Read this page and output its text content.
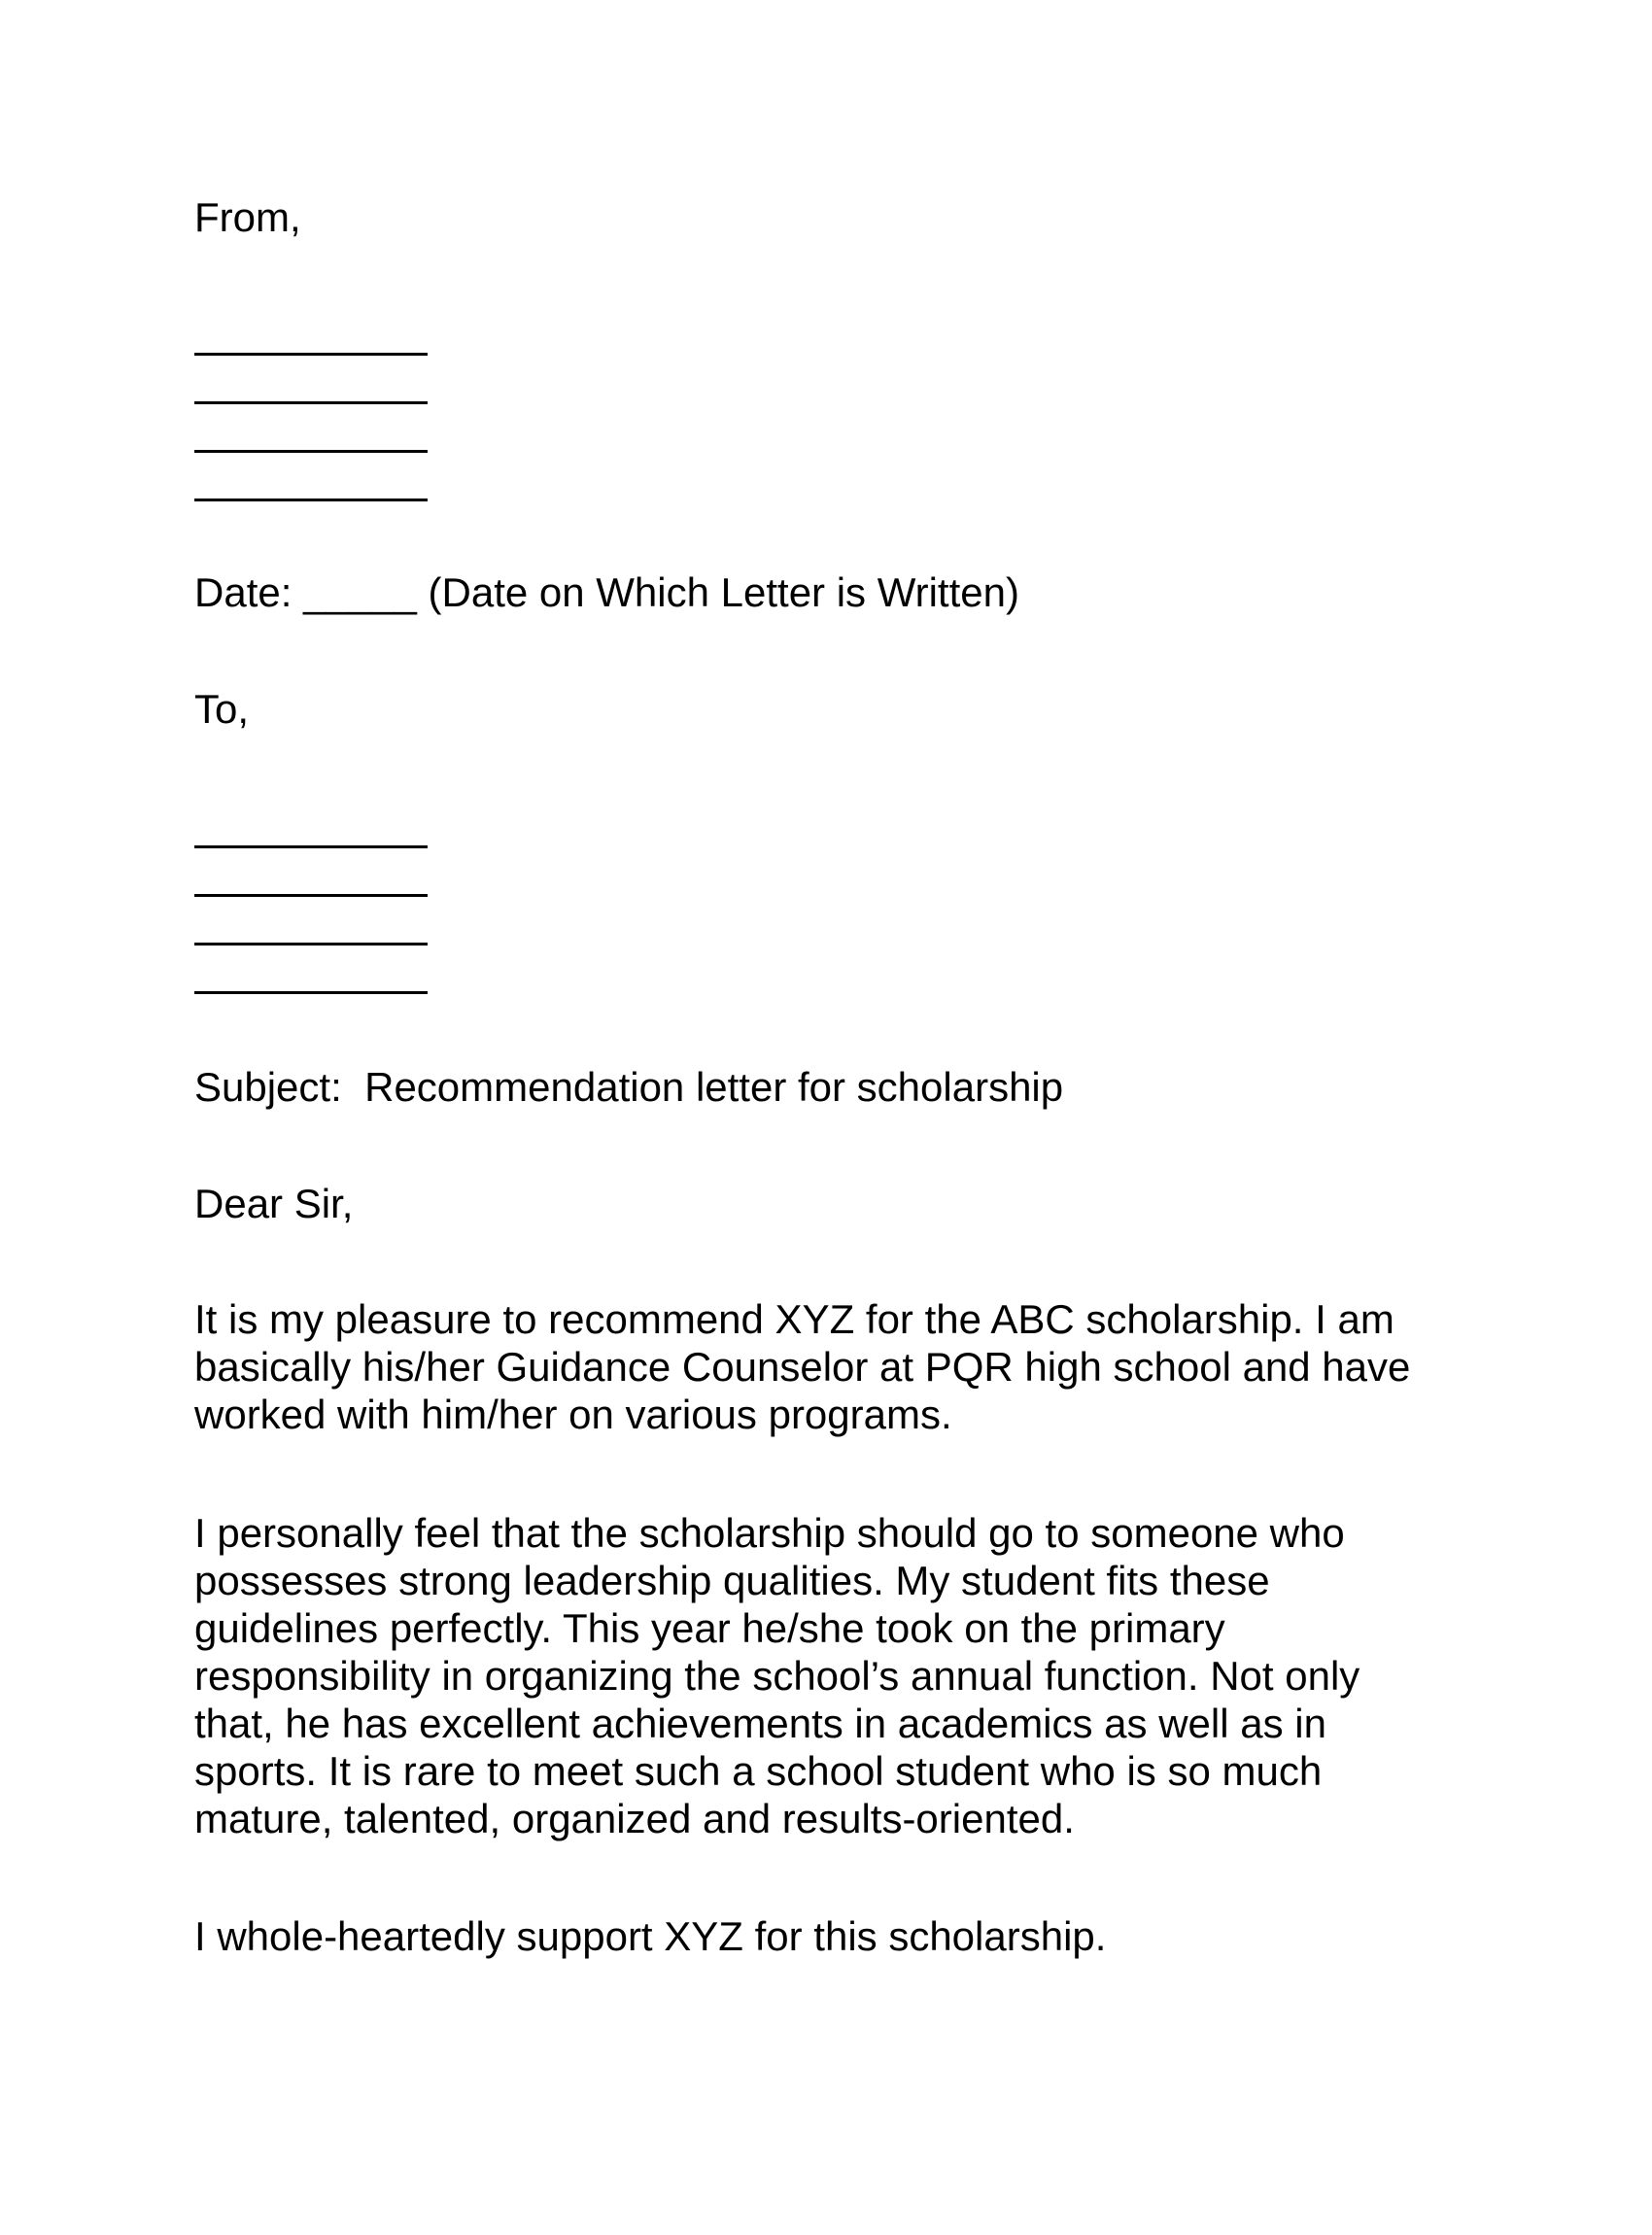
From,

Date: _____ (Date on Which Letter is Written)

To,

Subject: Recommendation letter for scholarship

Dear Sir,

It is my pleasure to recommend XYZ for the ABC scholarship. I am
basically his/her Guidance Counselor at PQR high school and have
worked with him/her on various programs.

I personally feel that the scholarship should go to someone who
possesses strong leadership qualities. My student fits these
guidelines perfectly. This year he/she took on the primary
responsibility in organizing the school’s annual function. Not only
that, he has excellent achievements in academics as well as in
sports. It is rare to meet such a school student who is so much
mature, talented, organized and results-oriented.

I whole-heartedly support XYZ for this scholarship.
